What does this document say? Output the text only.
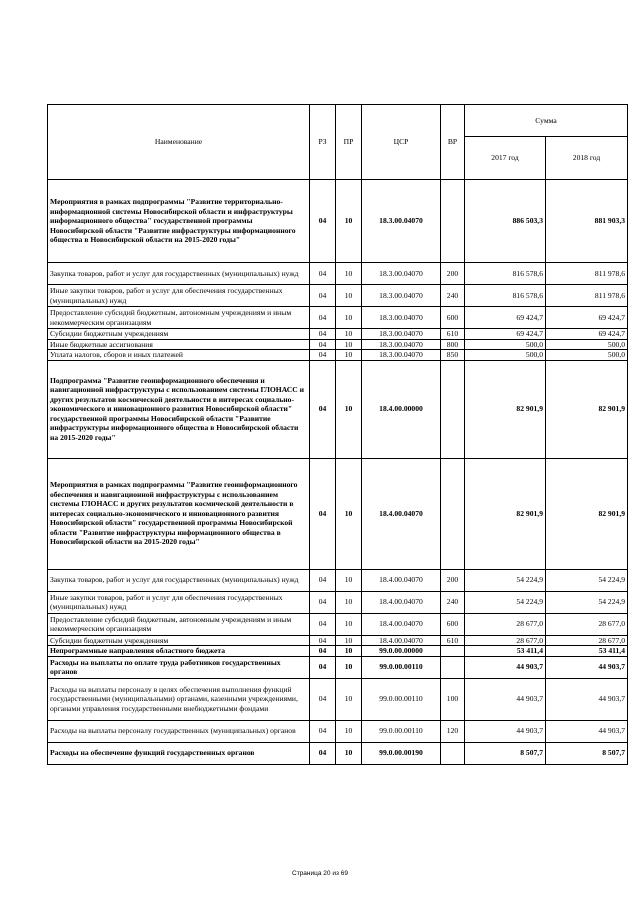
Наименование	РЗ	ПР	ЦСР	ВР	Сумма	
					2017 год	2018 год
Мероприятия в рамках подпрограммы "Развитие территориально-информационной системы Новосибирской области и инфраструктуры информационного общества" государственной программы Новосибирской области "Развитие инфраструктуры информационного общества в Новосибирской области на 2015-2020 годы"	04	10	18.3.00.04070		886 503,3	881 903,3
Закупка товаров, работ и услуг для государственных (муниципальных) нужд	04	10	18.3.00.04070	200	816 578,6	811 978,6
Иные закупки товаров, работ и услуг для обеспечения государственных (муниципальных) нужд	04	10	18.3.00.04070	240	816 578,6	811 978,6
Предоставление субсидий бюджетным, автономным учреждениям и иным некоммерческим организациям	04	10	18.3.00.04070	600	69 424,7	69 424,7
Субсидии бюджетным учреждениям	04	10	18.3.00.04070	610	69 424,7	69 424,7
Иные бюджетные ассигнования	04	10	18.3.00.04070	800	500,0	500,0
Уплата налогов, сборов и иных платежей	04	10	18.3.00.04070	850	500,0	500,0
Подпрограмма "Развитие геоинформационного обеспечения и навигационной инфраструктуры с использованием системы ГЛОНАСС и других результатов космической деятельности в интересах социально-экономического и инновационного развития Новосибирской области" государственной программы Новосибирской области "Развитие инфраструктуры информационного общества в Новосибирской области на 2015-2020 годы"	04	10	18.4.00.00000		82 901,9	82 901,9
Мероприятия в рамках подпрограммы "Развитие геоинформационного обеспечения и навигационной инфраструктуры с использованием системы ГЛОНАСС и других результатов космической деятельности в интересах социально-экономического и инновационного развития Новосибирской области" государственной программы Новосибирской области "Развитие инфраструктуры информационного общества в Новосибирской области на 2015-2020 годы"	04	10	18.4.00.04070		82 901,9	82 901,9
Закупка товаров, работ и услуг для государственных (муниципальных) нужд	04	10	18.4.00.04070	200	54 224,9	54 224,9
Иные закупки товаров, работ и услуг для обеспечения государственных (муниципальных) нужд	04	10	18.4.00.04070	240	54 224,9	54 224,9
Предоставление субсидий бюджетным, автономным учреждениям и иным некоммерческим организациям	04	10	18.4.00.04070	600	28 677,0	28 677,0
Субсидии бюджетным учреждениям	04	10	18.4.00.04070	610	28 677,0	28 677,0
Непрограммные направления областного бюджета	04	10	99.0.00.00000		53 411,4	53 411,4
Расходы на выплаты по оплате труда работников государственных органов	04	10	99.0.00.00110		44 903,7	44 903,7
Расходы на выплаты персоналу в целях обеспечения выполнения функций государственными (муниципальными) органами, казенными учреждениями, органами управления государственными внебюджетными фондами	04	10	99.0.00.00110	100	44 903,7	44 903,7
Расходы на выплаты персоналу государственных (муниципальных) органов	04	10	99.0.00.00110	120	44 903,7	44 903,7
Расходы на обеспечение функций государственных органов	04	10	99.0.00.00190		8 507,7	8 507,7
Страница 20 из 69
